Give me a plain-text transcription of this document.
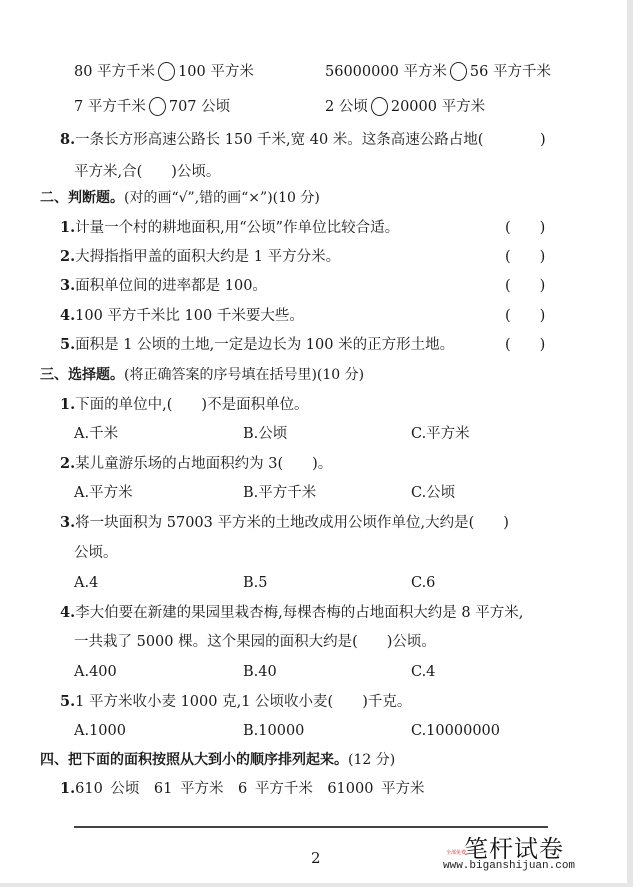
80 平方千米 100 平方米	56000000 平方米 56 平方千米
7 平方千米 707 公顷	2 公顷 20000 平方米
8.一条长方形高速公路长 150 千米,宽 40 米。这条高速公路占地(	)
平方米,合(　　)公顷。
二、判断题。(对的画“√”,错的画“×”)(10 分)
1.计量一个村的耕地面积,用“公顷”作单位比较合适。	(　　)
2.大拇指指甲盖的面积大约是 1 平方分米。	(　　)
3.面积单位间的进率都是 100。	(　　)
4.100 平方千米比 100 千米要大些。	(　　)
5.面积是 1 公顷的土地,一定是边长为 100 米的正方形土地。	(　　)
三、选择题。(将正确答案的序号填在括号里)(10 分)
1.下面的单位中,(　　)不是面积单位。
A.千米	B.公顷	C.平方米
2.某儿童游乐场的占地面积约为 3(　　)。
A.平方米	B.平方千米	C.公顷
3.将一块面积为 57003 平方米的土地改成用公顷作单位,大约是(　　)
公顷。
A.4	B.5	C.6
4.李大伯要在新建的果园里栽杏梅,每棵杏梅的占地面积大约是 8 平方米,
一共栽了 5000 棵。这个果园的面积大约是(　　)公顷。
A.400	B.40	C.4
5.1 平方米收小麦 1000 克,1 公顷收小麦(　　)千克。
A.1000	B.10000	C.10000000
四、把下面的面积按照从大到小的顺序排列起来。(12 分)
1.610 公顷　61 平方米　6 平方千米　61000 平方米
2	全部免费
笔杆试卷
www.biganshijuan.com
